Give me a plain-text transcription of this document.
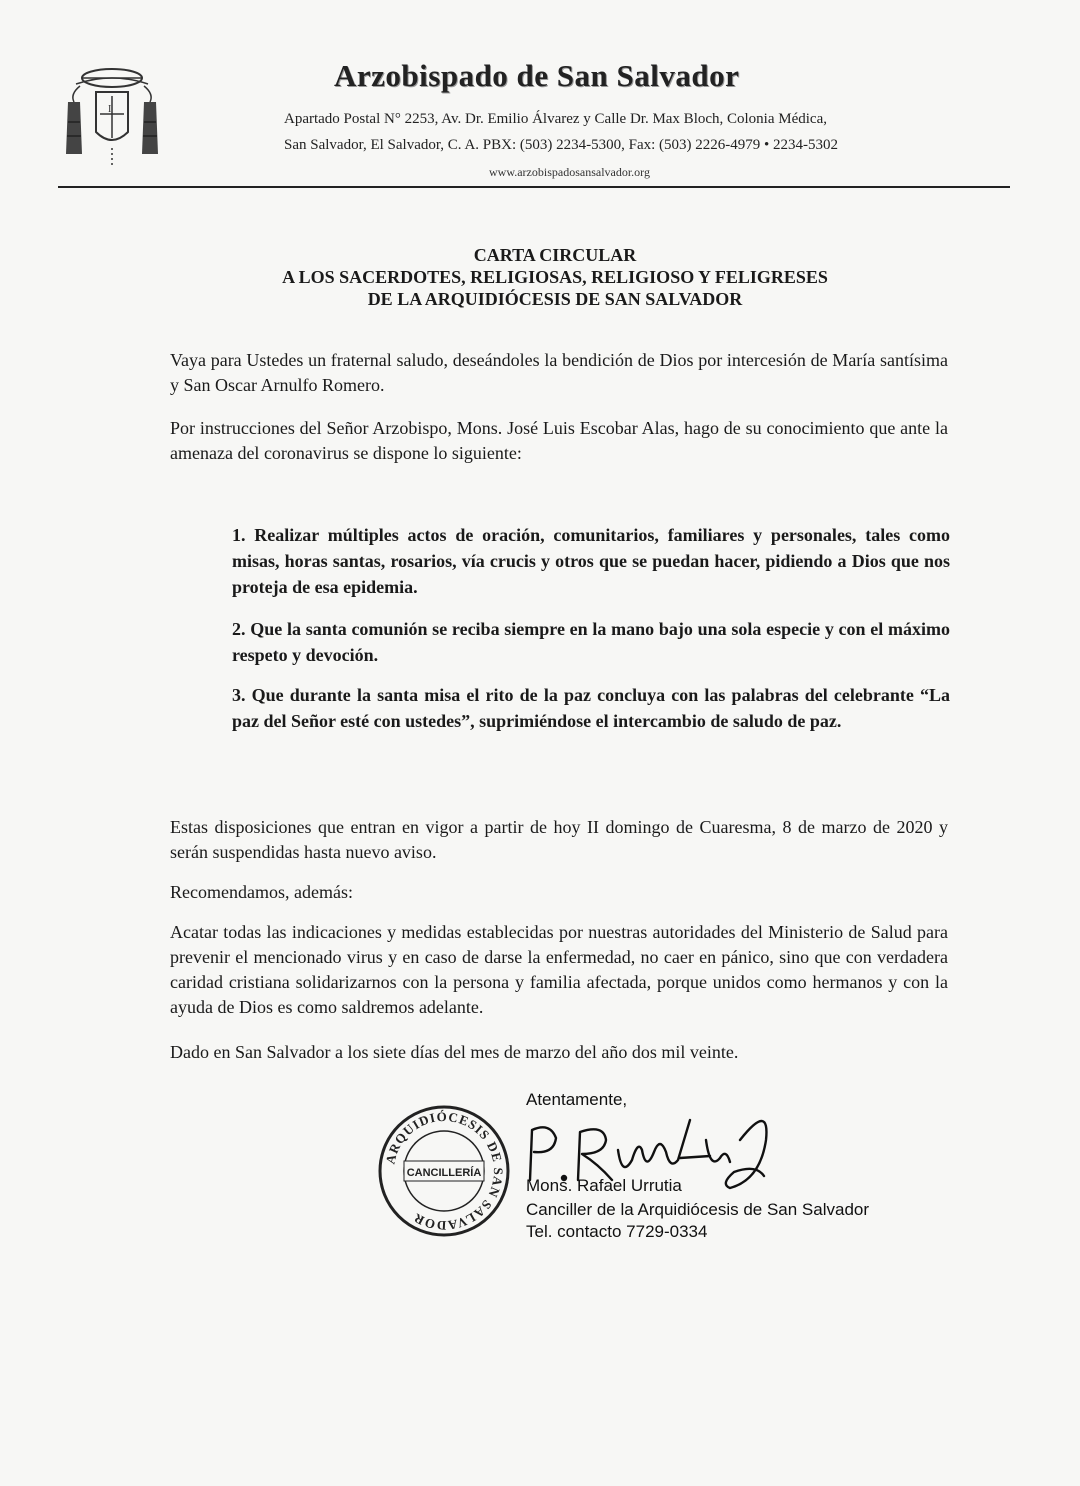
I
Arzobispado de San Salvador
Apartado Postal N° 2253, Av. Dr. Emilio Álvarez y Calle Dr. Max Bloch, Colonia Médica,
San Salvador, El Salvador, C. A. PBX: (503) 2234-5300, Fax: (503) 2226-4979 • 2234-5302
www.arzobispadosansalvador.org
CARTA CIRCULAR
A LOS SACERDOTES, RELIGIOSAS, RELIGIOSO Y FELIGRESES
DE LA ARQUIDIÓCESIS DE SAN SALVADOR
Vaya para Ustedes un fraternal saludo, deseándoles la bendición de Dios por intercesión de María santísima y San Oscar Arnulfo Romero.
Por instrucciones del Señor Arzobispo, Mons. José Luis Escobar Alas, hago de su conocimiento que ante la amenaza del coronavirus se dispone lo siguiente:
1. Realizar múltiples actos de oración, comunitarios, familiares y personales, tales como misas, horas santas, rosarios, vía crucis y otros que se puedan hacer, pidiendo a Dios que nos proteja de esa epidemia.
2. Que la santa comunión se reciba siempre en la mano bajo una sola especie y con el máximo respeto y devoción.
3. Que durante la santa misa el rito de la paz concluya con las palabras del celebrante “La paz del Señor esté con ustedes”, suprimiéndose el intercambio de saludo de paz.
Estas disposiciones que entran en vigor a partir de hoy II domingo de Cuaresma, 8 de marzo de 2020 y serán suspendidas hasta nuevo aviso.
Recomendamos, además:
Acatar todas las indicaciones y medidas establecidas por nuestras autoridades del Ministerio de Salud para prevenir el mencionado virus y en caso de darse la enfermedad, no caer en pánico, sino que con verdadera caridad cristiana solidarizarnos con la persona y familia afectada, porque unidos como hermanos y con la ayuda de Dios es como saldremos adelante.
Dado en San Salvador a los siete días del mes de marzo del año dos mil veinte.
ARQUIDIÓCESIS DE SAN SALVADOR
CANCILLERÍA
Atentamente,
Mons. Rafael Urrutia
Canciller de la Arquidiócesis de San Salvador
Tel. contacto 7729-0334
